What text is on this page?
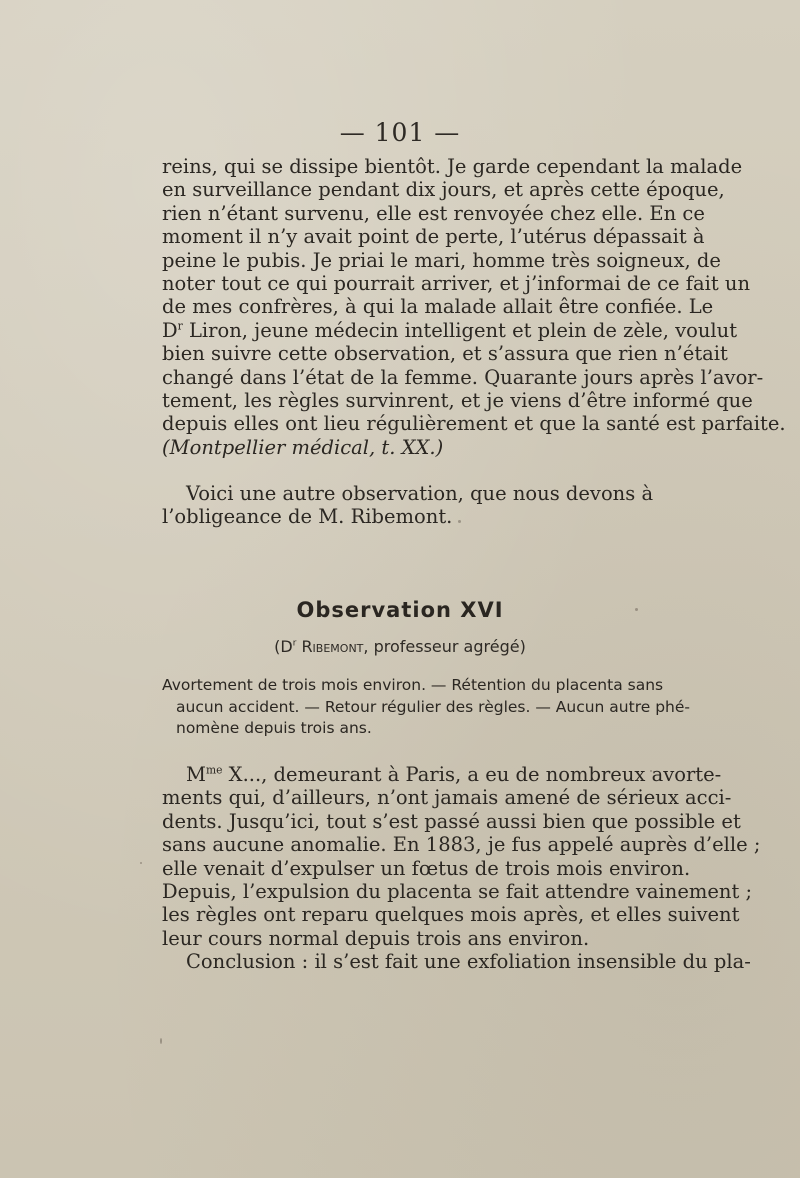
— 101 —
reins, qui se dissipe bientôt. Je garde cependant la malade
en surveillance pendant dix jours, et après cette époque,
rien n’étant survenu, elle est renvoyée chez elle. En ce
moment il n’y avait point de perte, l’utérus dépassait à
peine le pubis. Je priai le mari, homme très soigneux, de
noter tout ce qui pourrait arriver, et j’informai de ce fait un
de mes confrères, à qui la malade allait être confiée. Le
$D^r$ Liron, jeune médecin intelligent et plein de zèle, voulut
bien suivre cette observation, et s’assura que rien n’était
changé dans l’état de la femme. Quarante jours après l’avor-
tement, les règles survinrent, et je viens d’être informé que
depuis elles ont lieu régulièrement et que la santé est parfaite.
(Montpellier médical, t. XX.)
Voici une autre observation, que nous devons à
l’obligeance de M. Ribemont.
Observation XVI
($D^r$ Ribemont, professeur agrégé)
Avortement de trois mois environ. — Rétention du placenta sans
aucun accident. — Retour régulier des règles. — Aucun autre phé-
nomène depuis trois ans.
$M^{me}$ X..., demeurant à Paris, a eu de nombreux avorte-
ments qui, d’ailleurs, n’ont jamais amené de sérieux acci-
dents. Jusqu’ici, tout s’est passé aussi bien que possible et
sans aucune anomalie. En 1883, je fus appelé auprès d’elle ;
elle venait d’expulser un fœtus de trois mois environ.
Depuis, l’expulsion du placenta se fait attendre vainement ;
les règles ont reparu quelques mois après, et elles suivent
leur cours normal depuis trois ans environ.
Conclusion : il s’est fait une exfoliation insensible du pla-
